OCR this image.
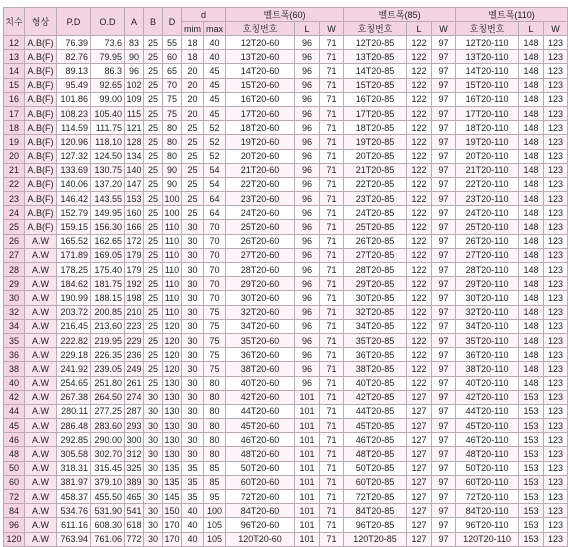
치수	형상	P.D	O.D	A	B	D	d		벨트폭(60)			벨트폭(85)			벨트폭(110)		
							mim	max	호칭번호	L	W	호칭번호	L	W	호칭번호	L	W
12	A.B(F)	76.39	73.6	83	25	55	18	40	12T20-60	96	71	12T20-85	122	97	12T20-110	148	123
13	A.B(F)	82.76	79.95	90	25	60	18	40	13T20-60	96	71	13T20-85	122	97	13T20-110	148	123
14	A.B(F)	89.13	86.3	96	25	65	20	45	14T20-60	96	71	14T20-85	122	97	14T20-110	148	123
15	A.B(F)	95.49	92.65	102	25	70	20	45	15T20-60	96	71	15T20-85	122	97	15T20-110	148	123
16	A.B(F)	101.86	99.00	109	25	75	20	45	16T20-60	96	71	16T20-85	122	97	16T20-110	148	123
17	A.B(F)	108.23	105.40	115	25	75	20	45	17T20-60	96	71	17T20-85	122	97	17T20-110	148	123
18	A.B(F)	114.59	111.75	121	25	80	25	52	18T20-60	96	71	18T20-85	122	97	18T20-110	148	123
19	A.B(F)	120.96	118.10	128	25	80	25	52	19T20-60	96	71	19T20-85	122	97	19T20-110	148	123
20	A.B(F)	127.32	124.50	134	25	80	25	52	20T20-60	96	71	20T20-85	122	97	20T20-110	148	123
21	A.B(F)	133.69	130.75	140	25	90	25	54	21T20-60	96	71	21T20-85	122	97	21T20-110	148	123
22	A.B(F)	140.06	137.20	147	25	90	25	54	22T20-60	96	71	22T20-85	122	97	22T20-110	148	123
23	A.B(F)	146.42	143.55	153	25	100	25	64	23T20-60	96	71	23T20-85	122	97	23T20-110	148	123
24	A.B(F)	152.79	149.95	160	25	100	25	64	24T20-60	96	71	24T20-85	122	97	24T20-110	148	123
25	A.B(F)	159.15	156.30	166	25	110	30	70	25T20-60	96	71	25T20-85	122	97	25T20-110	148	123
26	A.W	165.52	162.65	172	25	110	30	70	26T20-60	96	71	26T20-85	122	97	26T20-110	148	123
27	A.W	171.89	169.05	179	25	110	30	70	27T20-60	96	71	27T20-85	122	97	27T20-110	148	123
28	A.W	178.25	175.40	179	25	110	30	70	28T20-60	96	71	28T20-85	122	97	28T20-110	148	123
29	A.W	184.62	181.75	192	25	110	30	70	29T20-60	96	71	29T20-85	122	97	29T20-110	148	123
30	A.W	190.99	188.15	198	25	110	30	70	30T20-60	96	71	30T20-85	122	97	30T20-110	148	123
32	A.W	203.72	200.85	210	25	110	30	75	32T20-60	96	71	32T20-85	122	97	32T20-110	148	123
34	A.W	216.45	213.60	223	25	120	30	75	34T20-60	96	71	34T20-85	122	97	34T20-110	148	123
35	A.W	222.82	219.95	229	25	120	30	75	35T20-60	96	71	35T20-85	122	97	35T20-110	148	123
36	A.W	229.18	226.35	236	25	120	30	75	36T20-60	96	71	36T20-85	122	97	36T20-110	148	123
38	A.W	241.92	239.05	249	25	120	30	75	38T20-60	96	71	38T20-85	122	97	38T20-110	148	123
40	A.W	254.65	251.80	261	25	130	30	80	40T20-60	96	71	40T20-85	122	97	40T20-110	148	123
42	A.W	267.38	264.50	274	30	130	30	80	42T20-60	101	71	42T20-85	127	97	42T20-110	153	123
44	A.W	280.11	277.25	287	30	130	30	80	44T20-60	101	71	44T20-85	127	97	44T20-110	153	123
45	A.W	286.48	283.60	293	30	130	30	80	45T20-60	101	71	45T20-85	127	97	45T20-110	153	123
46	A.W	292.85	290.00	300	30	130	30	80	46T20-60	101	71	46T20-85	127	97	46T20-110	153	123
48	A.W	305.58	302.70	312	30	130	30	80	48T20-60	101	71	48T20-85	127	97	48T20-110	153	123
50	A.W	318.31	315.45	325	30	135	35	85	50T20-60	101	71	50T20-85	127	97	50T20-110	153	123
60	A.W	381.97	379.10	389	30	135	35	85	60T20-60	101	71	60T20-85	127	97	60T20-110	153	123
72	A.W	458.37	455.50	465	30	145	35	95	72T20-60	101	71	72T20-85	127	97	72T20-110	153	123
84	A.W	534.76	531.90	541	30	150	40	100	84T20-60	101	71	84T20-85	127	97	84T20-110	153	123
96	A.W	611.16	608.30	618	30	170	40	105	96T20-60	101	71	96T20-85	127	97	96T20-110	153	123
120	A.W	763.94	761.06	772	30	170	40	105	120T20-60	101	71	120T20-85	127	97	120T20-110	153	123
